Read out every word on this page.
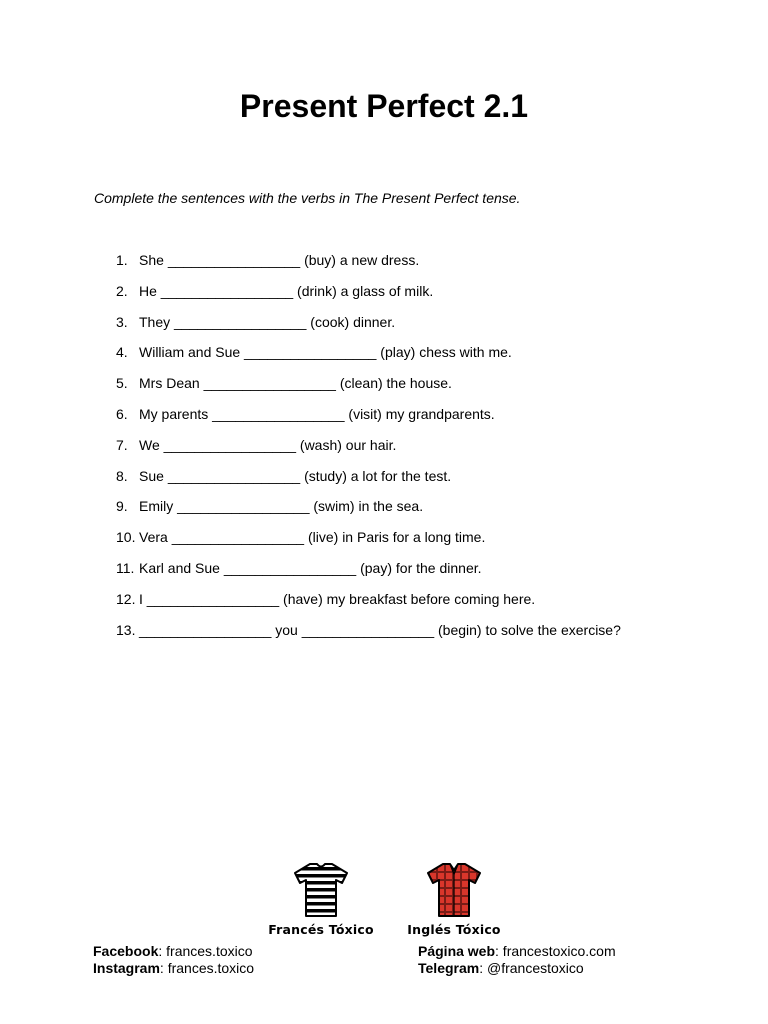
Present Perfect 2.1

Complete the sentences with the verbs in The Present Perfect tense.

1. She _________________ (buy) a new dress.
2. He _________________ (drink) a glass of milk.
3. They _________________ (cook) dinner.
4. William and Sue _________________ (play) chess with me.
5. Mrs Dean _________________ (clean) the house.
6. My parents _________________ (visit) my grandparents.
7. We _________________ (wash) our hair.
8. Sue _________________ (study) a lot for the test.
9. Emily _________________ (swim) in the sea.
10. Vera _________________ (live) in Paris for a long time.
11. Karl and Sue _________________ (pay) for the dinner.
12. I _________________ (have) my breakfast before coming here.
13. _________________ you _________________ (begin) to solve the exercise?
Francés Tóxico	Inglés Tóxico
Facebook: frances.toxico
Instagram: frances.toxico
Página web: francestoxico.com
Telegram: @francestoxico
